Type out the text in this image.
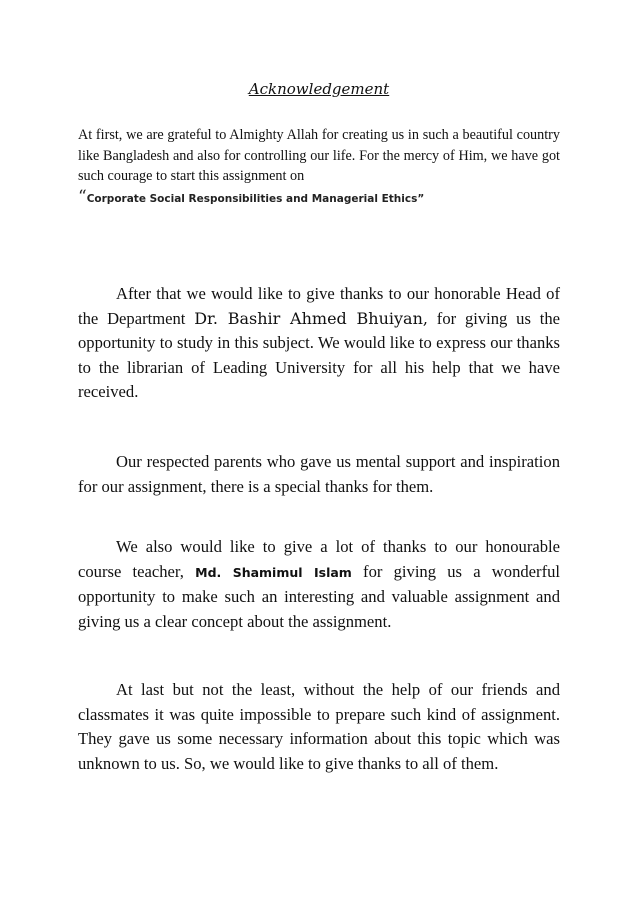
Acknowledgement

At first, we are grateful to Almighty Allah for creating us in such a beautiful country like Bangladesh and also for controlling our life. For the mercy of Him, we have got such courage to start this assignment on
“Corporate Social Responsibilities and Managerial Ethics”

After that we would like to give thanks to our honorable Head of the Department Dr. Bashir Ahmed Bhuiyan, for giving us the opportunity to study in this subject. We would like to express our thanks to the librarian of Leading University for all his help that we have received.

Our respected parents who gave us mental support and inspiration for our assignment, there is a special thanks for them.

We also would like to give a lot of thanks to our honourable course teacher, Md. Shamimul Islam for giving us a wonderful opportunity to make such an interesting and valuable assignment and giving us a clear concept about the assignment.

At last but not the least, without the help of our friends and classmates it was quite impossible to prepare such kind of assignment. They gave us some necessary information about this topic which was unknown to us. So, we would like to give thanks to all of them.
